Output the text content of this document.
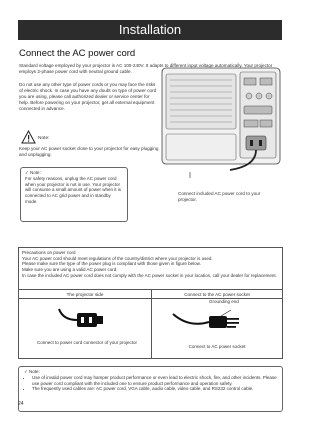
Installation
Connect the AC power cord
Standard voltage employed by your projector is AC 100-240V. It adapts to different input voltage automatically. Your projector employs 2-phase power cord with neutral ground cable.
Do not use any other type of power cords or you may face the risks of electric shock. In case you have any doubt on type of power cord you are using, please call authorized dealer or service center for help. Before powering on your projector, get all external equipment connected in advance.
Note:
Keep your AC power socket close to your projector for easy plugging and unplugging.
✓ Note:
For safety reasons, unplug the AC power cord when your projector is not in use. Your projector will consume a small amount of power when it is connected to AC grid power and in standby mode.
Connect included AC power cord to your projector.
Precautions on power cord
Your AC power cord should meet regulations of the country/district where your projector is used.
Please make sure the type of the power plug is compliant with those given in figure below.
Make sure you are using a valid AC power cord.
In case the included AC power cord does not comply with the AC power socket in your location, call your dealer for replacement.
The projector side	Connect to the AC power socket
Connect to power cord connector of your projector
Grounding end
Connect to AC power socket
✓ Note:
• Use of invalid power cord may hamper product performance or even lead to electric shock, fire, and other incidents. Please use power cord compliant with the included one to ensure product performance and operation safety.
• The frequently used cables are: AC power cord, VGA cable, audio cable, video cable, and RS232 control cable.
24
